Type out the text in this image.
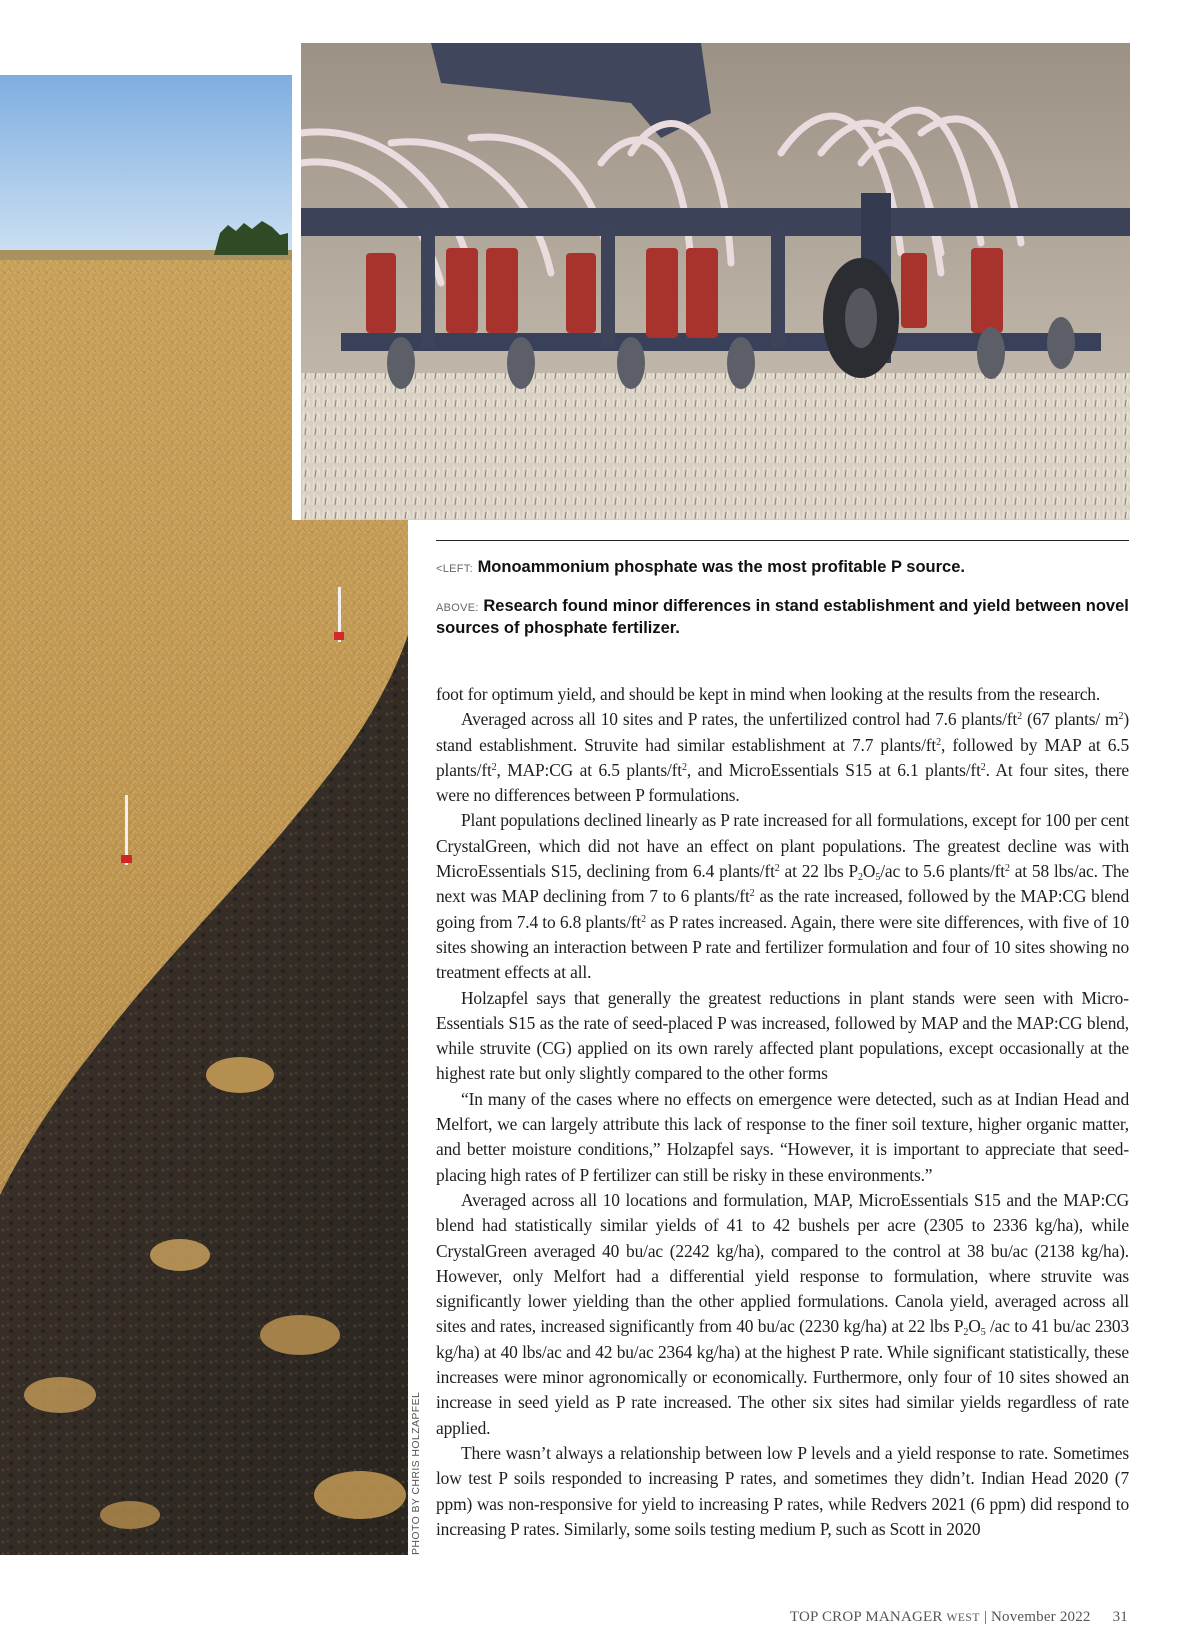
PHOTO BY CHRIS HOLZAPFEL
<LEFT: Monoammonium phosphate was the most profitable P source.
ABOVE: Research found minor differences in stand establishment and yield between novel sources of phosphate fertilizer.

foot for optimum yield, and should be kept in mind when looking at the results from the research.

Averaged across all 10 sites and P rates, the unfertilized control had 7.6 plants/$ft^2$ (67 plants/ $m^2$) stand establishment. Struvite had similar establishment at 7.7 plants/$ft^2$, followed by MAP at 6.5 plants/$ft^2$, MAP:CG at 6.5 plants/$ft^2$, and MicroEssentials S15 at 6.1 plants/$ft^2$. At four sites, there were no differences between P formulations.

Plant populations declined linearly as P rate increased for all formulations, except for 100 per cent CrystalGreen, which did not have an effect on plant populations. The greatest decline was with MicroEssentials S15, declining from 6.4 plants/$ft^2$ at 22 lbs $P_2O_5/ac$ to 5.6 plants/$ft^2$ at 58 lbs/ac. The next was MAP declining from 7 to 6 plants/$ft^2$ as the rate increased, followed by the MAP:CG blend going from 7.4 to 6.8 plants/$ft^2$ as P rates increased. Again, there were site differences, with five of 10 sites showing an interaction between P rate and fertilizer formulation and four of 10 sites showing no treatment effects at all.

Holzapfel says that generally the greatest reductions in plant stands were seen with MicroEssentials S15 as the rate of seed-placed P was increased, followed by MAP and the MAP:CG blend, while struvite (CG) applied on its own rarely affected plant populations, except occasionally at the highest rate but only slightly compared to the other forms

“In many of the cases where no effects on emergence were detected, such as at Indian Head and Melfort, we can largely attribute this lack of response to the finer soil texture, higher organic matter, and better moisture conditions,” Holzapfel says. “However, it is important to appreciate that seed-placing high rates of P fertilizer can still be risky in these environments.”

Averaged across all 10 locations and formulation, MAP, MicroEssentials S15 and the MAP:CG blend had statistically similar yields of 41 to 42 bushels per acre (2305 to 2336 kg/ha), while CrystalGreen averaged 40 bu/ac (2242 kg/ha), compared to the control at 38 bu/ac (2138 kg/ha). However, only Melfort had a differential yield response to formulation, where struvite was significantly lower yielding than the other applied formulations. Canola yield, averaged across all sites and rates, increased significantly from 40 bu/ac (2230 kg/ha) at 22 lbs $P_2O_5$ /ac to 41 bu/ac 2303 kg/ha) at 40 lbs/ac and 42 bu/ac 2364 kg/ha) at the highest P rate. While significant statistically, these increases were minor agronomically or economically. Furthermore, only four of 10 sites showed an increase in seed yield as P rate increased. The other six sites had similar yields regardless of rate applied.

There wasn’t always a relationship between low P levels and a yield response to rate. Sometimes low test P soils responded to increasing P rates, and sometimes they didn’t. Indian Head 2020 (7 ppm) was non-responsive for yield to increasing P rates, while Redvers 2021 (6 ppm) did respond to increasing P rates. Similarly, some soils testing medium P, such as Scott in 2020

TOP CROP MANAGER WEST | November 2022 31
